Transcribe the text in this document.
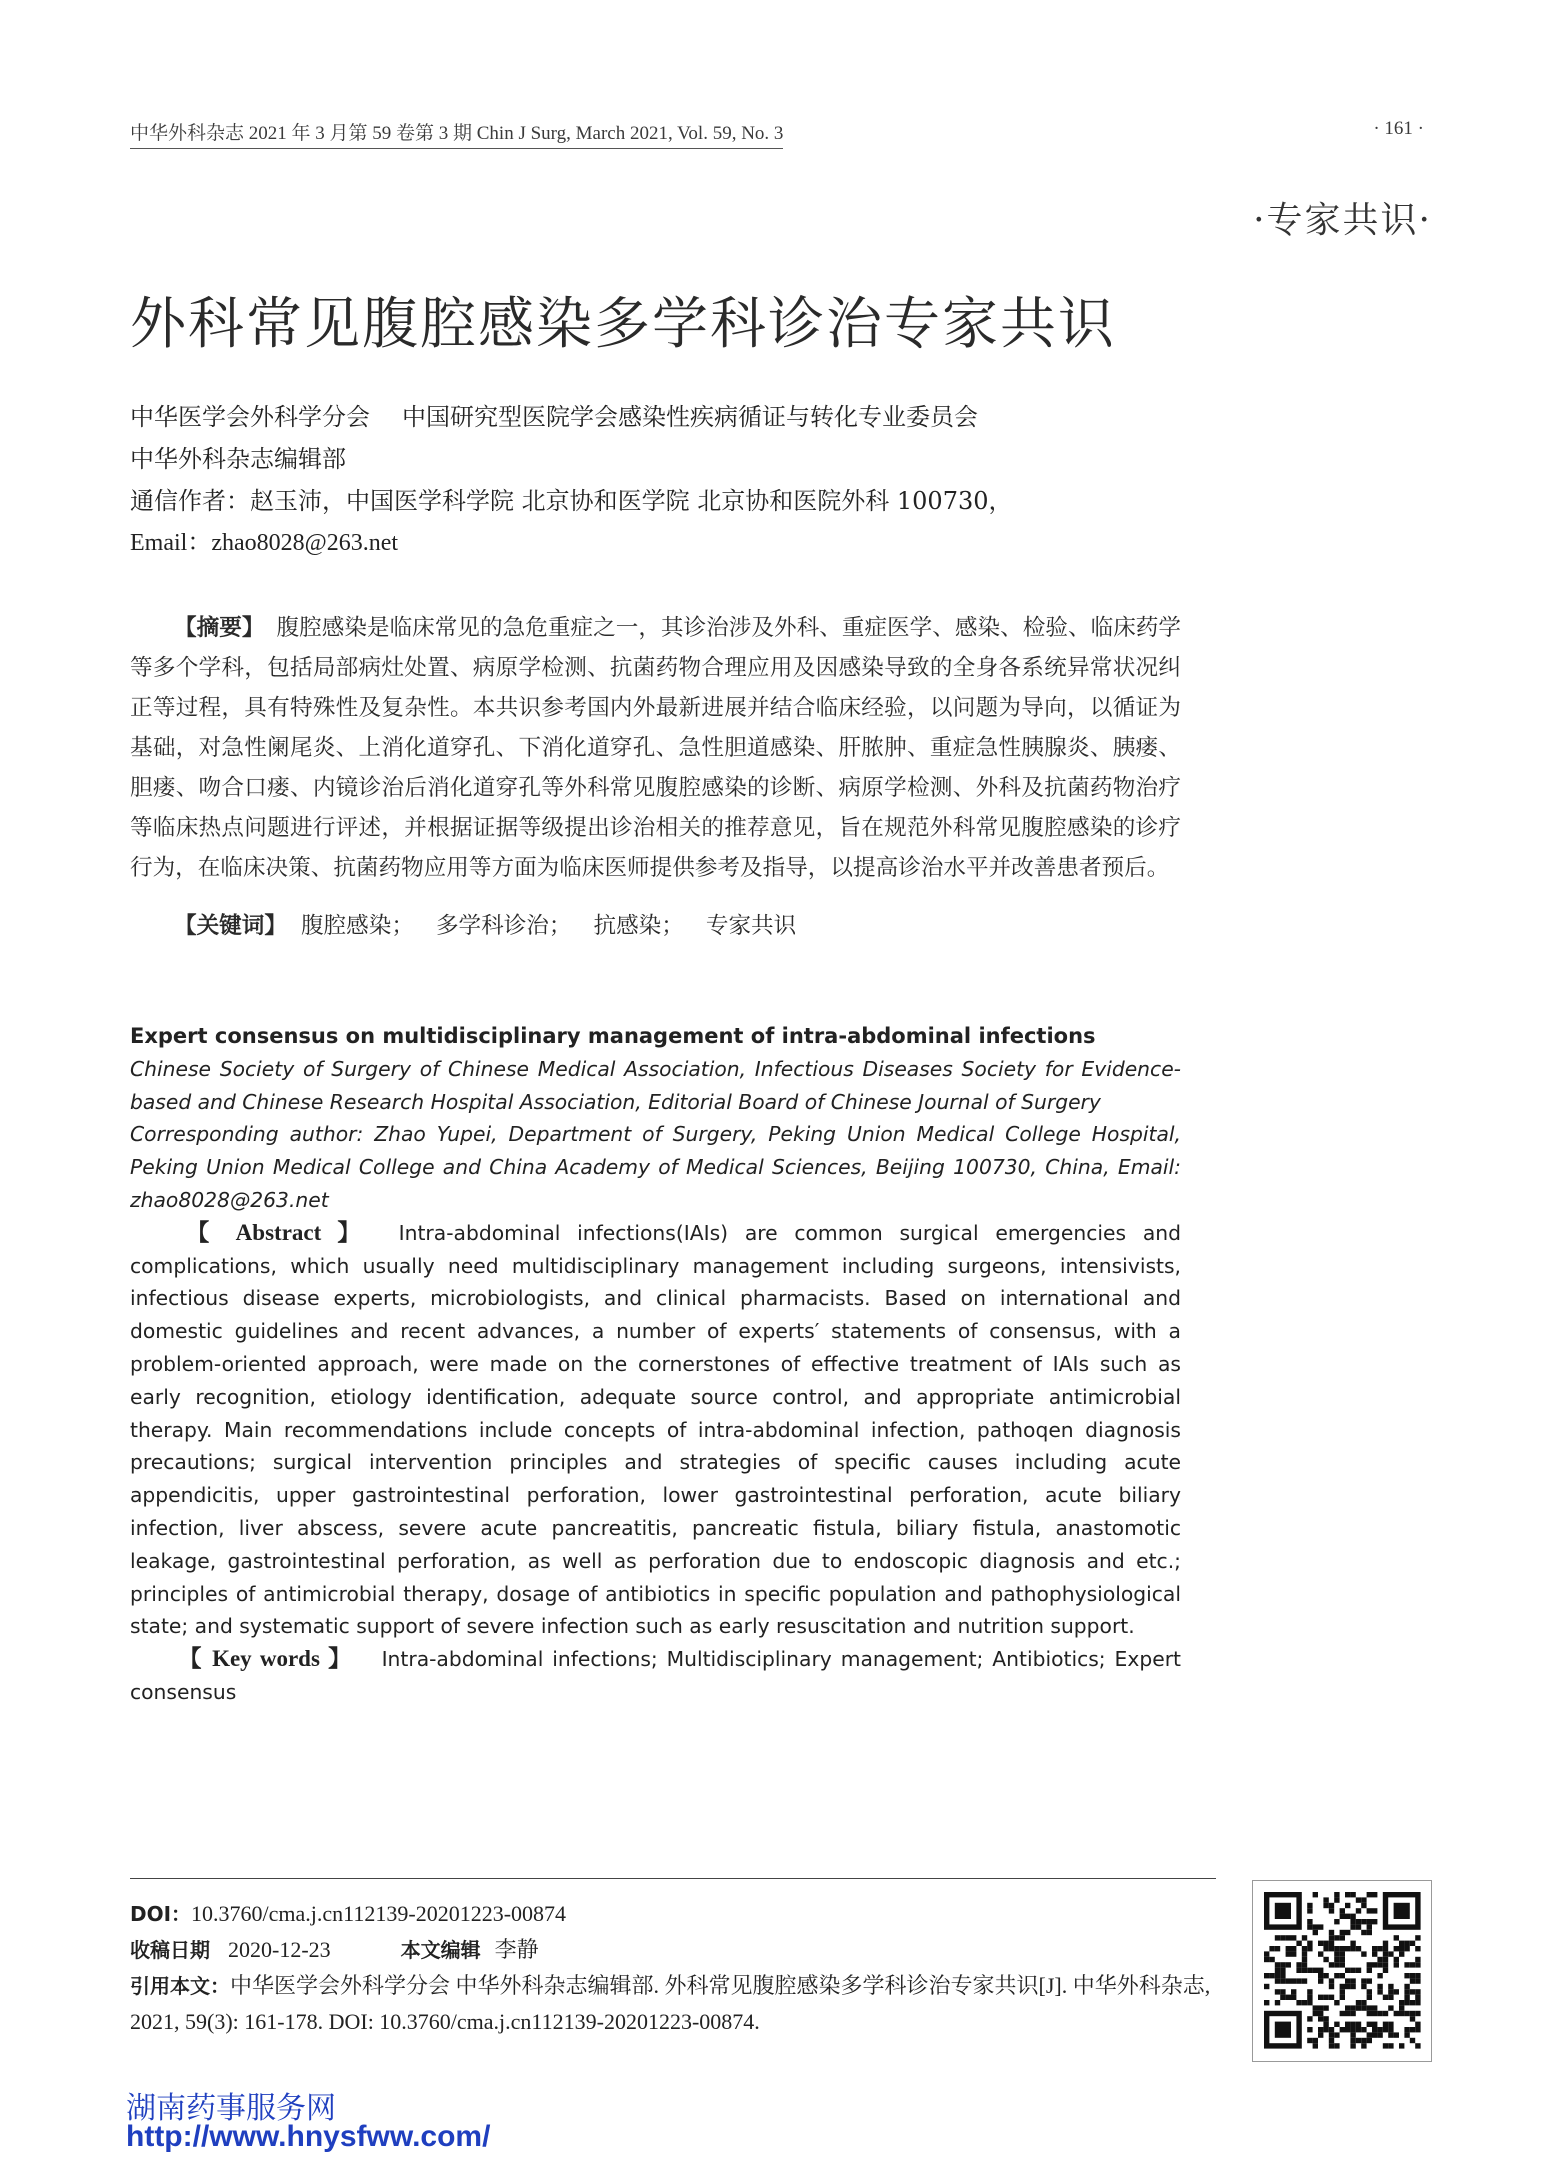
中华外科杂志 2021 年 3 月第 59 卷第 3 期 Chin J Surg, March 2021, Vol. 59, No. 3	· 161 ·
·专家共识·
外科常见腹腔感染多学科诊治专家共识
中华医学会外科学分会 中国研究型医院学会感染性疾病循证与转化专业委员会
中华外科杂志编辑部
通信作者：赵玉沛，中国医学科学院 北京协和医学院 北京协和医院外科 100730，
Email：zhao8028@263.net
【摘要】 腹腔感染是临床常见的急危重症之一，其诊治涉及外科、重症医学、感染、检验、临床药学等多个学科，包括局部病灶处置、病原学检测、抗菌药物合理应用及因感染导致的全身各系统异常状况纠正等过程，具有特殊性及复杂性。本共识参考国内外最新进展并结合临床经验，以问题为导向，以循证为基础，对急性阑尾炎、上消化道穿孔、下消化道穿孔、急性胆道感染、肝脓肿、重症急性胰腺炎、胰瘘、胆瘘、吻合口瘘、内镜诊治后消化道穿孔等外科常见腹腔感染的诊断、病原学检测、外科及抗菌药物治疗等临床热点问题进行评述，并根据证据等级提出诊治相关的推荐意见，旨在规范外科常见腹腔感染的诊疗行为，在临床决策、抗菌药物应用等方面为临床医师提供参考及指导，以提高诊治水平并改善患者预后。
【关键词】 腹腔感染； 多学科诊治； 抗感染； 专家共识
Expert consensus on multidisciplinary management of intra-abdominal infections
Chinese Society of Surgery of Chinese Medical Association, Infectious Diseases Society for Evidence-based and Chinese Research Hospital Association, Editorial Board of Chinese Journal of Surgery
Corresponding author: Zhao Yupei, Department of Surgery, Peking Union Medical College Hospital, Peking Union Medical College and China Academy of Medical Sciences, Beijing 100730, China, Email: zhao8028@263.net
【 Abstract 】 Intra-abdominal infections(IAIs) are common surgical emergencies and complications, which usually need multidisciplinary management including surgeons, intensivists, infectious disease experts, microbiologists, and clinical pharmacists. Based on international and domestic guidelines and recent advances, a number of experts′ statements of consensus, with a problem-oriented approach, were made on the cornerstones of effective treatment of IAIs such as early recognition, etiology identification, adequate source control, and appropriate antimicrobial therapy. Main recommendations include concepts of intra-abdominal infection, pathoqen diagnosis precautions; surgical intervention principles and strategies of specific causes including acute appendicitis, upper gastrointestinal perforation, lower gastrointestinal perforation, acute biliary infection, liver abscess, severe acute pancreatitis, pancreatic fistula, biliary fistula, anastomotic leakage, gastrointestinal perforation, as well as perforation due to endoscopic diagnosis and etc.; principles of antimicrobial therapy, dosage of antibiotics in specific population and pathophysiological state; and systematic support of severe infection such as early resuscitation and nutrition support.
【 Key words 】 Intra-abdominal infections; Multidisciplinary management; Antibiotics; Expert consensus
DOI：10.3760/cma.j.cn112139-20201223-00874
收稿日期 2020-12-23	本文编辑 李静
引用本文：中华医学会外科学分会 中华外科杂志编辑部. 外科常见腹腔感染多学科诊治专家共识[J]. 中华外科杂志, 2021, 59(3): 161-178. DOI: 10.3760/cma.j.cn112139-20201223-00874.
湖南药事服务网
http://www.hnysfww.com/
